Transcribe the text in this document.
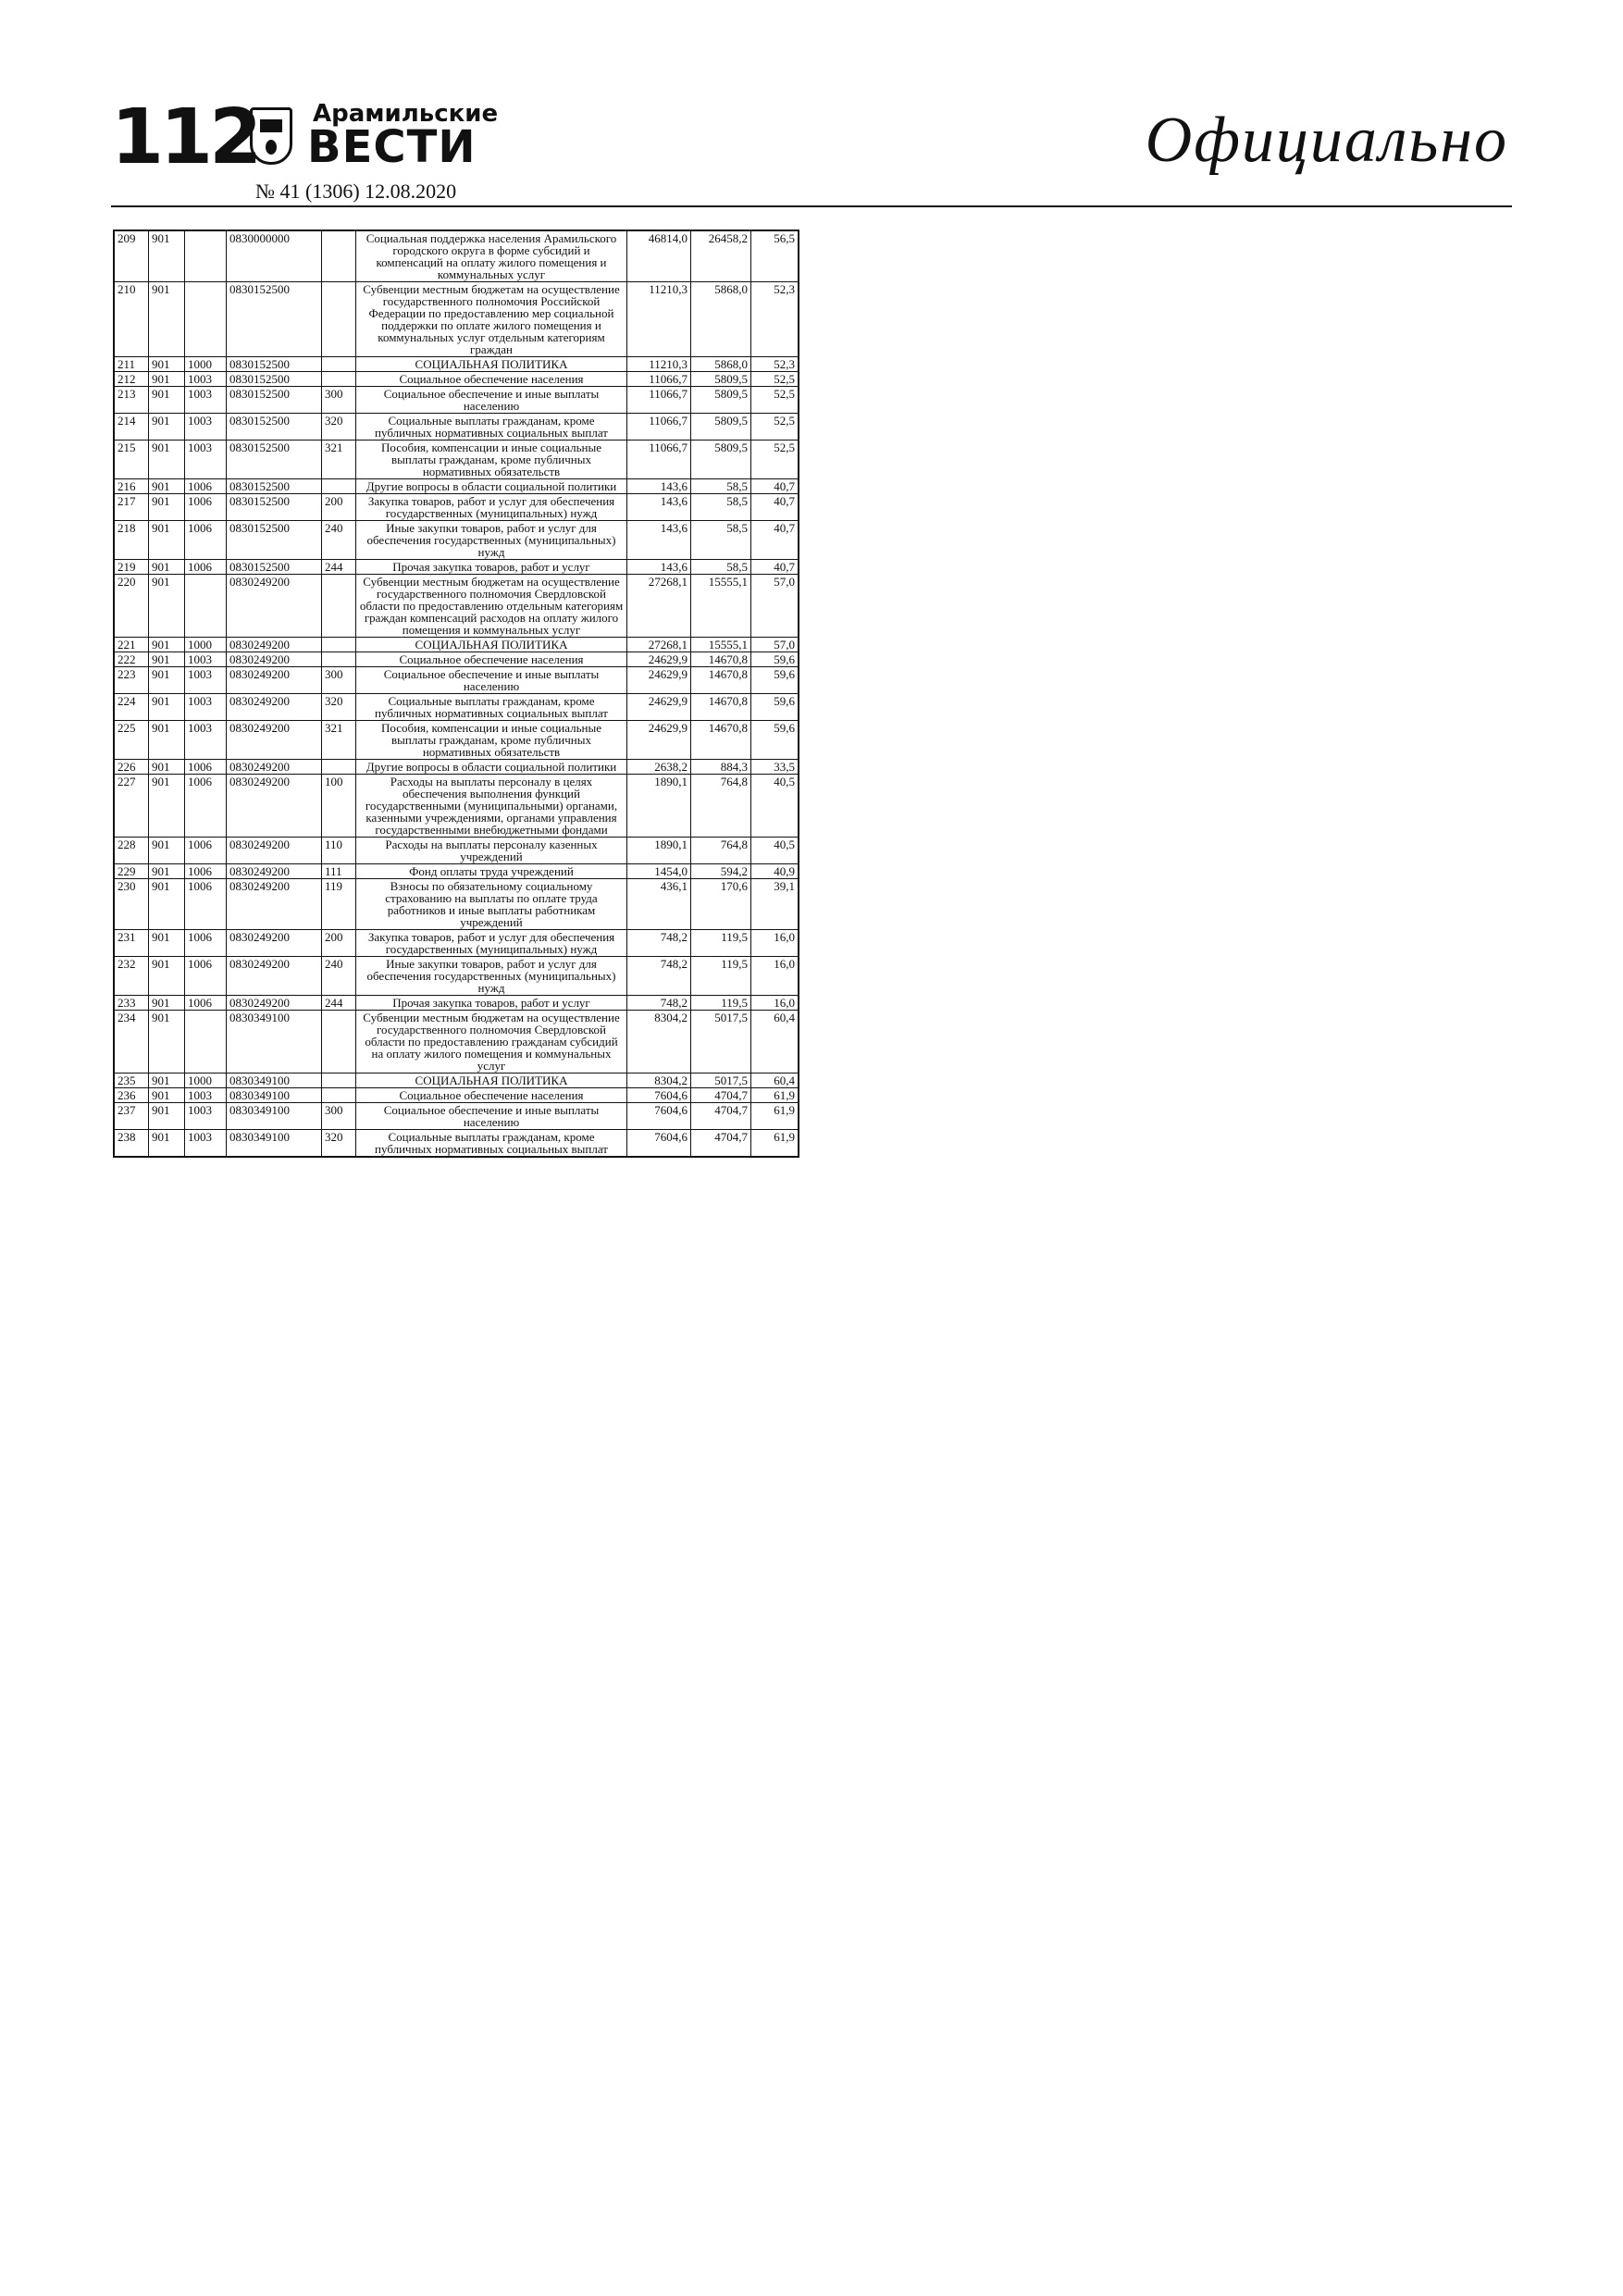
112 Арамильские
ВЕСТИ
№ 41 (1306) 12.08.2020
Официально
209	901		0830000000		Социальная поддержка населения Арамильского городского округа в форме субсидий и компенсаций на оплату жилого помещения и коммунальных услуг	46814,0	26458,2	56,5
210	901		0830152500		Субвенции местным бюджетам на осуществление государственного полномочия Российской Федерации по предоставлению мер социальной поддержки по оплате жилого помещения и коммунальных услуг отдельным категориям граждан	11210,3	5868,0	52,3
211	901	1000	0830152500		СОЦИАЛЬНАЯ ПОЛИТИКА	11210,3	5868,0	52,3
212	901	1003	0830152500		Социальное обеспечение населения	11066,7	5809,5	52,5
213	901	1003	0830152500	300	Социальное обеспечение и иные выплаты населению	11066,7	5809,5	52,5
214	901	1003	0830152500	320	Социальные выплаты гражданам, кроме публичных нормативных социальных выплат	11066,7	5809,5	52,5
215	901	1003	0830152500	321	Пособия, компенсации и иные социальные выплаты гражданам, кроме публичных нормативных обязательств	11066,7	5809,5	52,5
216	901	1006	0830152500		Другие вопросы в области социальной политики	143,6	58,5	40,7
217	901	1006	0830152500	200	Закупка товаров, работ и услуг для обеспечения государственных (муниципальных) нужд	143,6	58,5	40,7
218	901	1006	0830152500	240	Иные закупки товаров, работ и услуг для обеспечения государственных (муниципальных) нужд	143,6	58,5	40,7
219	901	1006	0830152500	244	Прочая закупка товаров, работ и услуг	143,6	58,5	40,7
220	901		0830249200		Субвенции местным бюджетам на осуществление государственного полномочия Свердловской области по предоставлению отдельным категориям граждан компенсаций расходов на оплату жилого помещения и коммунальных услуг	27268,1	15555,1	57,0
221	901	1000	0830249200		СОЦИАЛЬНАЯ ПОЛИТИКА	27268,1	15555,1	57,0
222	901	1003	0830249200		Социальное обеспечение населения	24629,9	14670,8	59,6
223	901	1003	0830249200	300	Социальное обеспечение и иные выплаты населению	24629,9	14670,8	59,6
224	901	1003	0830249200	320	Социальные выплаты гражданам, кроме публичных нормативных социальных выплат	24629,9	14670,8	59,6
225	901	1003	0830249200	321	Пособия, компенсации и иные социальные выплаты гражданам, кроме публичных нормативных обязательств	24629,9	14670,8	59,6
226	901	1006	0830249200		Другие вопросы в области социальной политики	2638,2	884,3	33,5
227	901	1006	0830249200	100	Расходы на выплаты персоналу в целях обеспечения выполнения функций государственными (муниципальными) органами, казенными учреждениями, органами управления государственными внебюджетными фондами	1890,1	764,8	40,5
228	901	1006	0830249200	110	Расходы на выплаты персоналу казенных учреждений	1890,1	764,8	40,5
229	901	1006	0830249200	111	Фонд оплаты труда учреждений	1454,0	594,2	40,9
230	901	1006	0830249200	119	Взносы по обязательному социальному страхованию на выплаты по оплате труда работников и иные выплаты работникам учреждений	436,1	170,6	39,1
231	901	1006	0830249200	200	Закупка товаров, работ и услуг для обеспечения государственных (муниципальных) нужд	748,2	119,5	16,0
232	901	1006	0830249200	240	Иные закупки товаров, работ и услуг для обеспечения государственных (муниципальных) нужд	748,2	119,5	16,0
233	901	1006	0830249200	244	Прочая закупка товаров, работ и услуг	748,2	119,5	16,0
234	901		0830349100		Субвенции местным бюджетам на осуществление государственного полномочия Свердловской области по предоставлению гражданам субсидий на оплату жилого помещения и коммунальных услуг	8304,2	5017,5	60,4
235	901	1000	0830349100		СОЦИАЛЬНАЯ ПОЛИТИКА	8304,2	5017,5	60,4
236	901	1003	0830349100		Социальное обеспечение населения	7604,6	4704,7	61,9
237	901	1003	0830349100	300	Социальное обеспечение и иные выплаты населению	7604,6	4704,7	61,9
238	901	1003	0830349100	320	Социальные выплаты гражданам, кроме публичных нормативных социальных выплат	7604,6	4704,7	61,9
